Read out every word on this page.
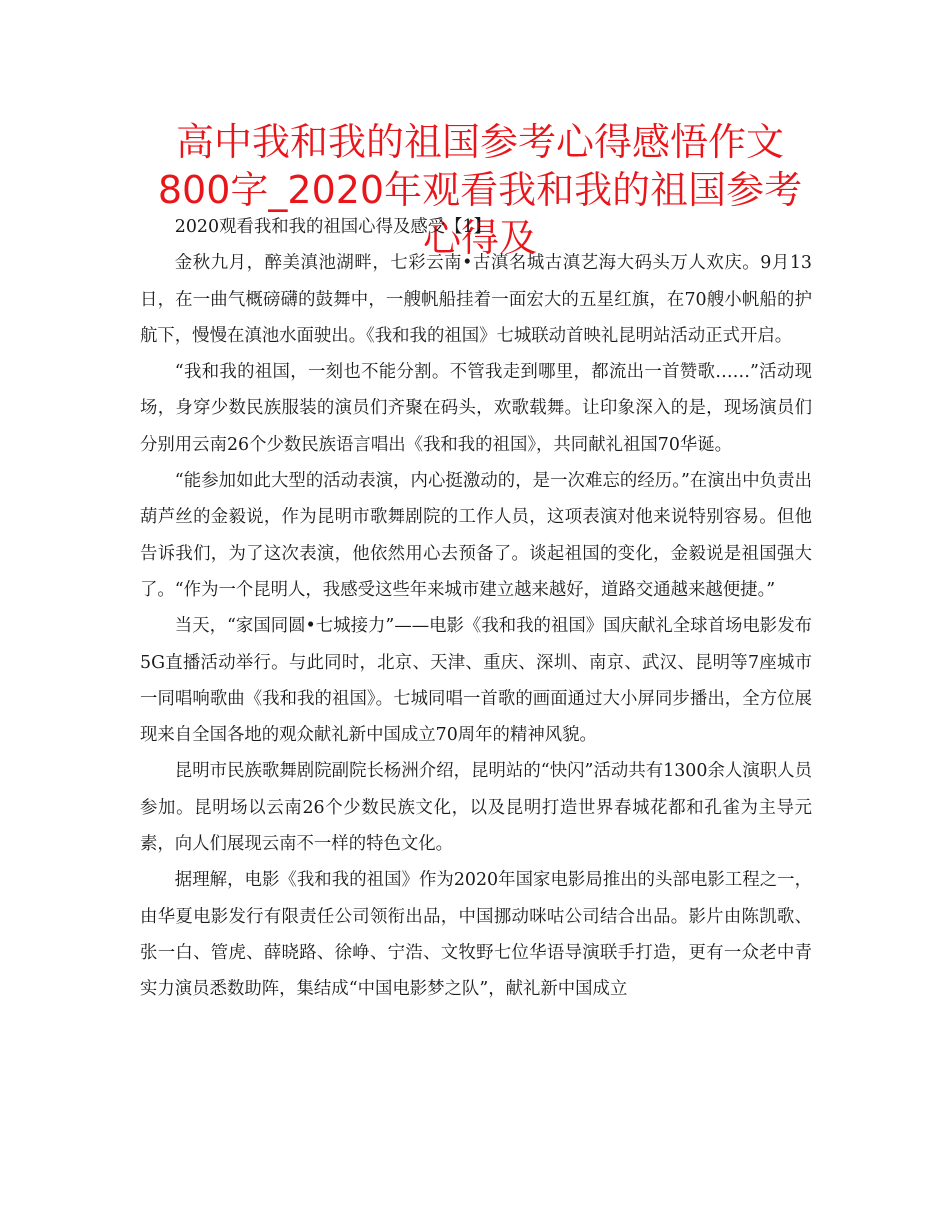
高中我和我的祖国参考心得感悟作文800字_2020年观看我和我的祖国参考心得及

2020观看我和我的祖国心得及感受【1】

金秋九月，醉美滇池湖畔，七彩云南•古滇名城古滇艺海大码头万人欢庆。9月13日，在一曲气概磅礴的鼓舞中，一艘帆船挂着一面宏大的五星红旗，在70艘小帆船的护航下，慢慢在滇池水面驶出。《我和我的祖国》七城联动首映礼昆明站活动正式开启。

“我和我的祖国，一刻也不能分割。不管我走到哪里，都流出一首赞歌……”活动现场，身穿少数民族服装的演员们齐聚在码头，欢歌载舞。让印象深入的是，现场演员们分别用云南26个少数民族语言唱出《我和我的祖国》，共同献礼祖国70华诞。

“能参加如此大型的活动表演，内心挺激动的，是一次难忘的经历。”在演出中负责出葫芦丝的金毅说，作为昆明市歌舞剧院的工作人员，这项表演对他来说特别容易。但他告诉我们，为了这次表演，他依然用心去预备了。谈起祖国的变化，金毅说是祖国强大了。“作为一个昆明人，我感受这些年来城市建立越来越好，道路交通越来越便捷。”

当天，“家国同圆•七城接力”——电影《我和我的祖国》国庆献礼全球首场电影发布5G直播活动举行。与此同时，北京、天津、重庆、深圳、南京、武汉、昆明等7座城市一同唱响歌曲《我和我的祖国》。七城同唱一首歌的画面通过大小屏同步播出，全方位展现来自全国各地的观众献礼新中国成立70周年的精神风貌。

昆明市民族歌舞剧院副院长杨洲介绍，昆明站的“快闪”活动共有1300余人演职人员参加。昆明场以云南26个少数民族文化，以及昆明打造世界春城花都和孔雀为主导元素，向人们展现云南不一样的特色文化。

据理解，电影《我和我的祖国》作为2020年国家电影局推出的头部电影工程之一，由华夏电影发行有限责任公司领衔出品，中国挪动咪咕公司结合出品。影片由陈凯歌、张一白、管虎、薛晓路、徐峥、宁浩、文牧野七位华语导演联手打造，更有一众老中青实力演员悉数助阵，集结成“中国电影梦之队”，献礼新中国成立
